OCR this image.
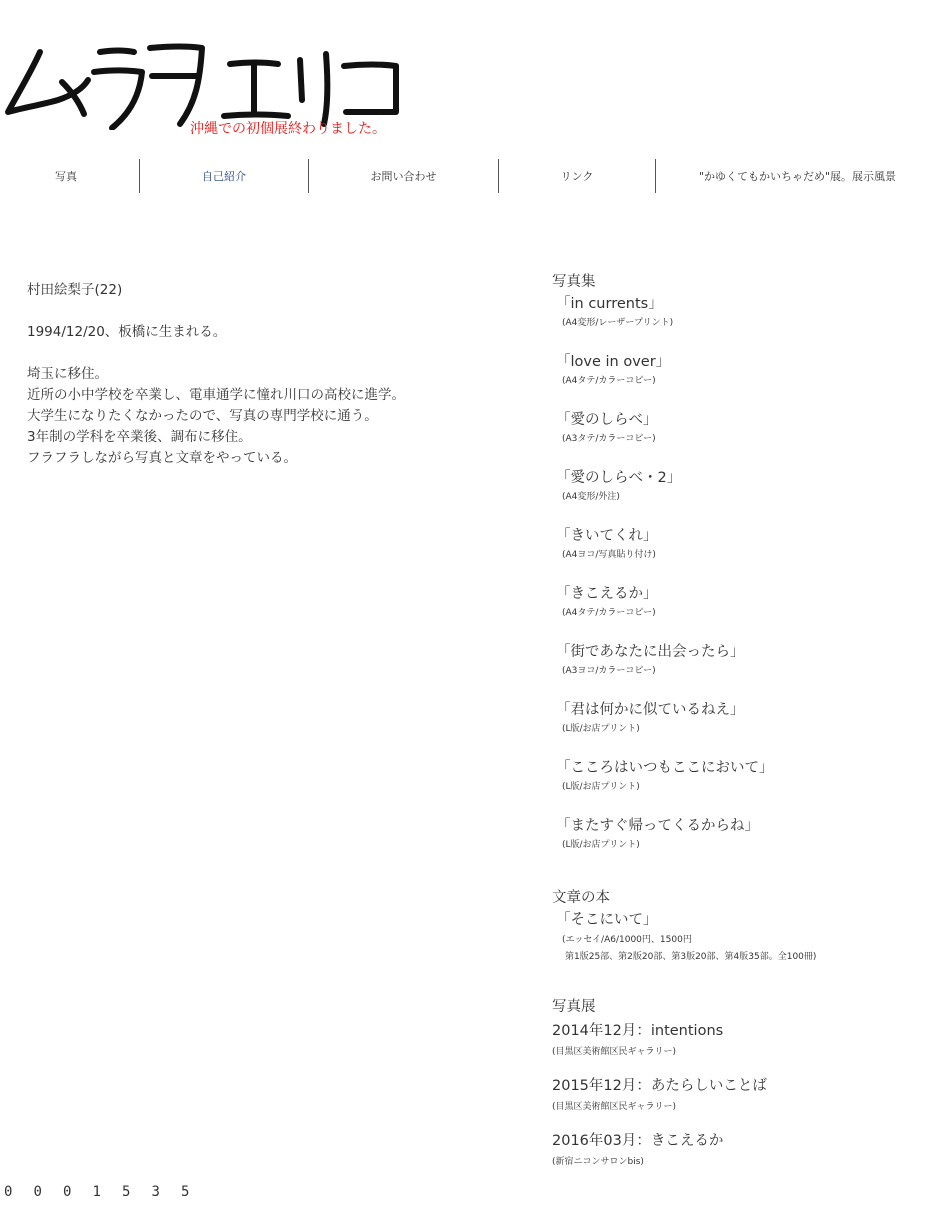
沖縄での初個展終わりました。
写真	自己紹介	お問い合わせ	リンク	"かゆくてもかいちゃだめ"展。展示風景

村田絵梨子(22)

1994/12/20、板橋に生まれる。

埼玉に移住。
近所の小中学校を卒業し、電車通学に憧れ川口の高校に進学。
大学生になりたくなかったので、写真の専門学校に通う。
3年制の学科を卒業後、調布に移住。
フラフラしながら写真と文章をやっている。

写真集
「in currents」
(A4変形/レーザープリント)
「love in over」
(A4タテ/カラーコピー)
「愛のしらべ」
(A3タテ/カラーコピー)
「愛のしらべ・2」
(A4変形/外注)
「きいてくれ」
(A4ヨコ/写真貼り付け)
「きこえるか」
(A4タテ/カラーコピー)
「街であなたに出会ったら」
(A3ヨコ/カラーコピー)
「君は何かに似ているねえ」
(L版/お店プリント)
「こころはいつもここにおいて」
(L版/お店プリント)
「またすぐ帰ってくるからね」
(L版/お店プリント)
文章の本
「そこにいて」
(エッセイ/A6/1000円、1500円
第1版25部、第2版20部、第3版20部、第4版35部。全100冊)
写真展
2014年12月：intentions
(目黒区美術館区民ギャラリー)
2015年12月：あたらしいことば
(目黒区美術館区民ギャラリー)
2016年03月：きこえるか
(新宿ニコンサロンbis)
0	0	0	1	5	3	5
